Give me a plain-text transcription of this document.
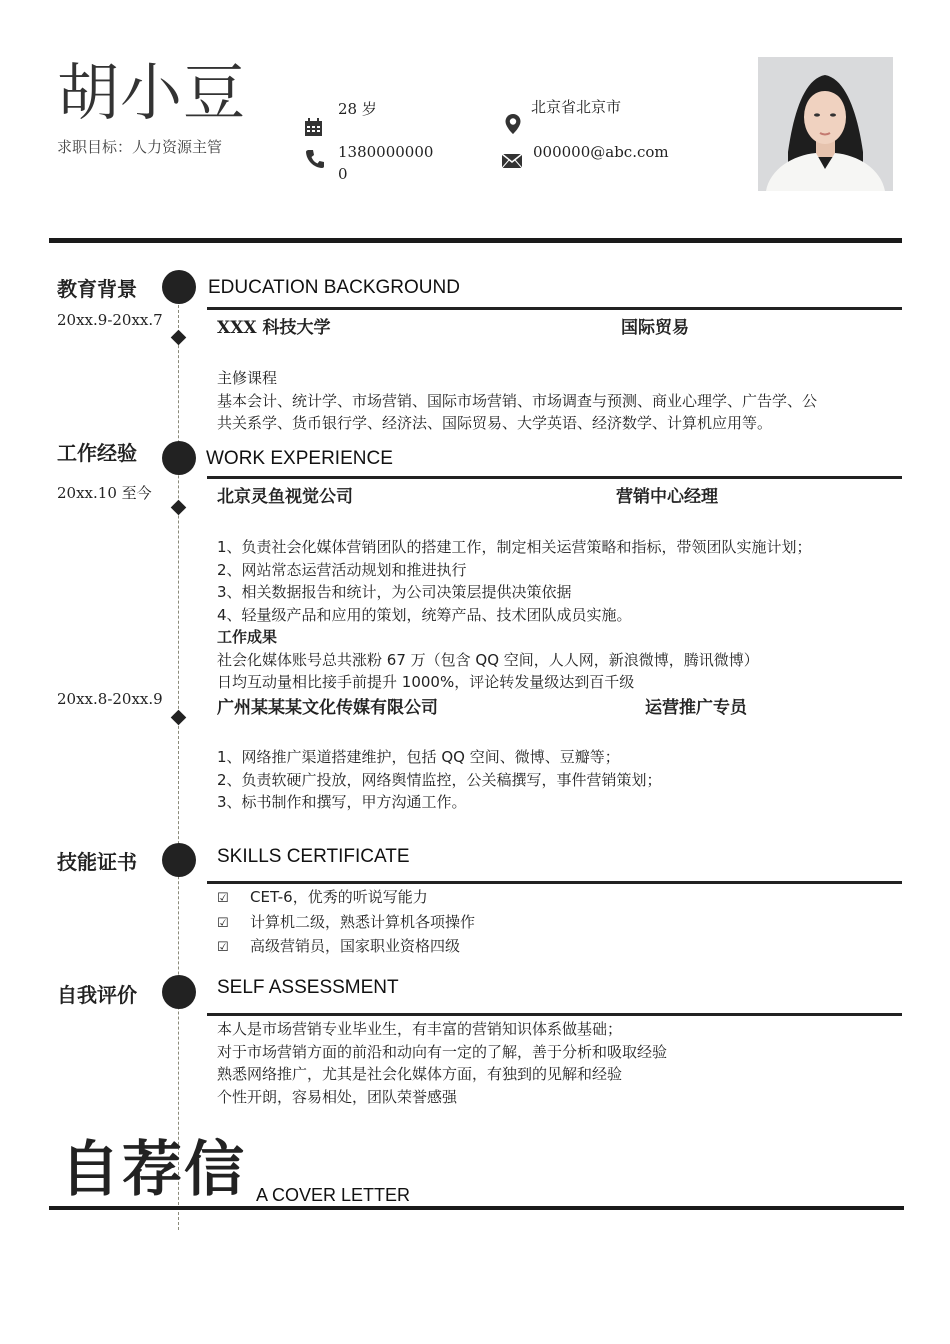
胡小豆
求职目标：人力资源主管
28 岁
1380000000
0
北京省北京市
000000@abc.com
教育背景	EDUCATION BACKGROUND
20xx.9-20xx.7	XXX 科技大学	国际贸易
主修课程
基本会计、统计学、市场营销、国际市场营销、市场调查与预测、商业心理学、广告学、公
共关系学、货币银行学、经济法、国际贸易、大学英语、经济数学、计算机应用等。
工作经验	WORK EXPERIENCE
20xx.10 至今	北京灵鱼视觉公司	营销中心经理
1、负责社会化媒体营销团队的搭建工作，制定相关运营策略和指标，带领团队实施计划；
2、网站常态运营活动规划和推进执行
3、相关数据报告和统计，为公司决策层提供决策依据
4、轻量级产品和应用的策划，统筹产品、技术团队成员实施。
工作成果
社会化媒体账号总共涨粉 67 万（包含 QQ 空间，人人网，新浪微博，腾讯微博）
日均互动量相比接手前提升 1000%，评论转发量级达到百千级
20xx.8-20xx.9	广州某某某文化传媒有限公司	运营推广专员
1、网络推广渠道搭建维护，包括 QQ 空间、微博、豆瓣等；
2、负责软硬广投放，网络舆情监控，公关稿撰写，事件营销策划；
3、标书制作和撰写，甲方沟通工作。
技能证书	SKILLS CERTIFICATE
☑ CET-6，优秀的听说写能力
☑ 计算机二级，熟悉计算机各项操作
☑ 高级营销员，国家职业资格四级
自我评价	SELF ASSESSMENT
本人是市场营销专业毕业生，有丰富的营销知识体系做基础；
对于市场营销方面的前沿和动向有一定的了解，善于分析和吸取经验
熟悉网络推广，尤其是社会化媒体方面，有独到的见解和经验
个性开朗，容易相处，团队荣誉感强
自荐信 A COVER LETTER
